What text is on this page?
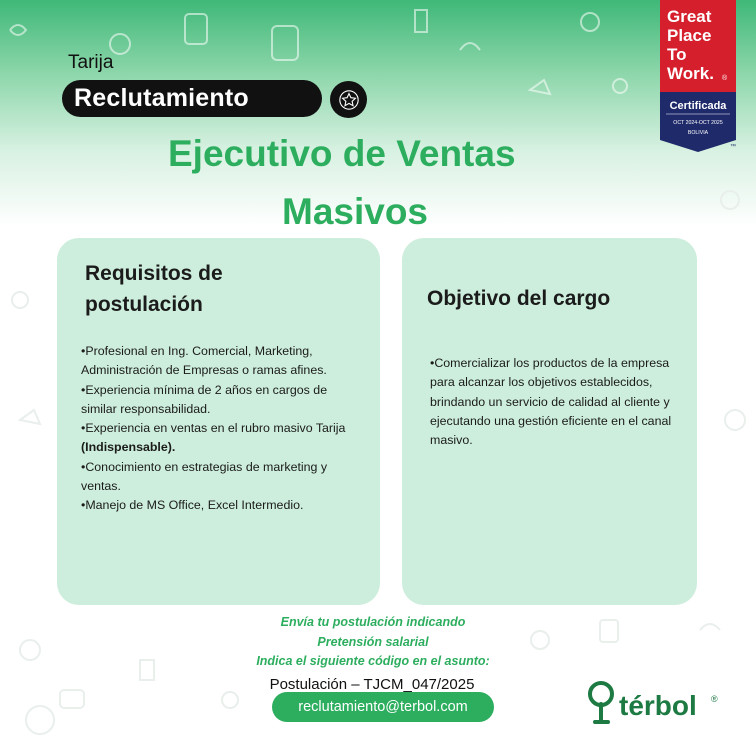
Tarija
Reclutamiento
Ejecutivo de Ventas
Masivos
Great
Place
To
Work. ®
Certificada
OCT 2024-OCT 2025
BOLIVIA
™
Requisitos de
postulación

•Profesional en Ing. Comercial, Marketing, Administración de Empresas o ramas afines.

•Experiencia mínima de 2 años en cargos de similar responsabilidad.

•Experiencia en ventas en el rubro masivo Tarija (Indispensable).

•Conocimiento en estrategias de marketing y ventas.

•Manejo de MS Office, Excel Intermedio.

Objetivo del cargo

•Comercializar los productos de la empresa para alcanzar los objetivos establecidos, brindando un servicio de calidad al cliente y ejecutando una gestión eficiente en el canal masivo.

Envía tu postulación indicando
Pretensión salarial
Indica el siguiente código en el asunto:
Postulación – TJCM_047/2025
reclutamiento@terbol.com	térbol ®
